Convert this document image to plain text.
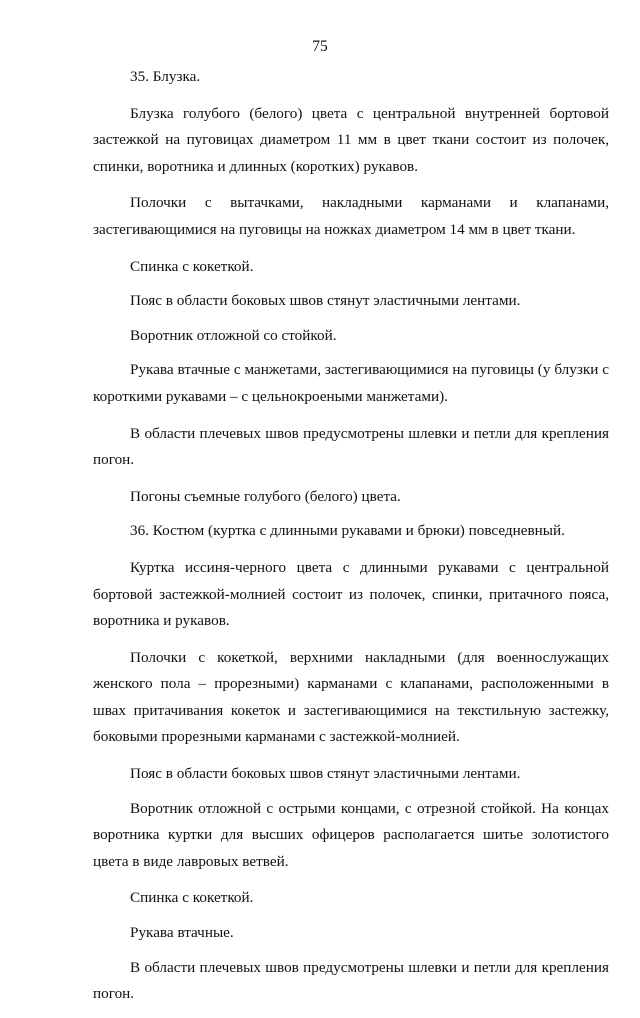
75

35. Блузка.

Блузка голубого (белого) цвета с центральной внутренней бортовой застежкой на пуговицах диаметром 11 мм в цвет ткани состоит из полочек, спинки, воротника и длинных (коротких) рукавов.

Полочки с вытачками, накладными карманами и клапанами, застегивающимися на пуговицы на ножках диаметром 14 мм в цвет ткани.

Спинка с кокеткой.

Пояс в области боковых швов стянут эластичными лентами.

Воротник отложной со стойкой.

Рукава втачные с манжетами, застегивающимися на пуговицы (у блузки с короткими рукавами – с цельнокроеными манжетами).

В области плечевых швов предусмотрены шлевки и петли для крепления погон.

Погоны съемные голубого (белого) цвета.

36. Костюм (куртка с длинными рукавами и брюки) повседневный.

Куртка иссиня-черного цвета с длинными рукавами с центральной бортовой застежкой-молнией состоит из полочек, спинки, притачного пояса, воротника и рукавов.

Полочки с кокеткой, верхними накладными (для военнослужащих женского пола – прорезными) карманами с клапанами, расположенными в швах притачивания кокеток и застегивающимися на текстильную застежку, боковыми прорезными карманами с застежкой-молнией.

Пояс в области боковых швов стянут эластичными лентами.

Воротник отложной с острыми концами, с отрезной стойкой. На концах воротника куртки для высших офицеров располагается шитье золотистого цвета в виде лавровых ветвей.

Спинка с кокеткой.

Рукава втачные.

В области плечевых швов предусмотрены шлевки и петли для крепления погон.
